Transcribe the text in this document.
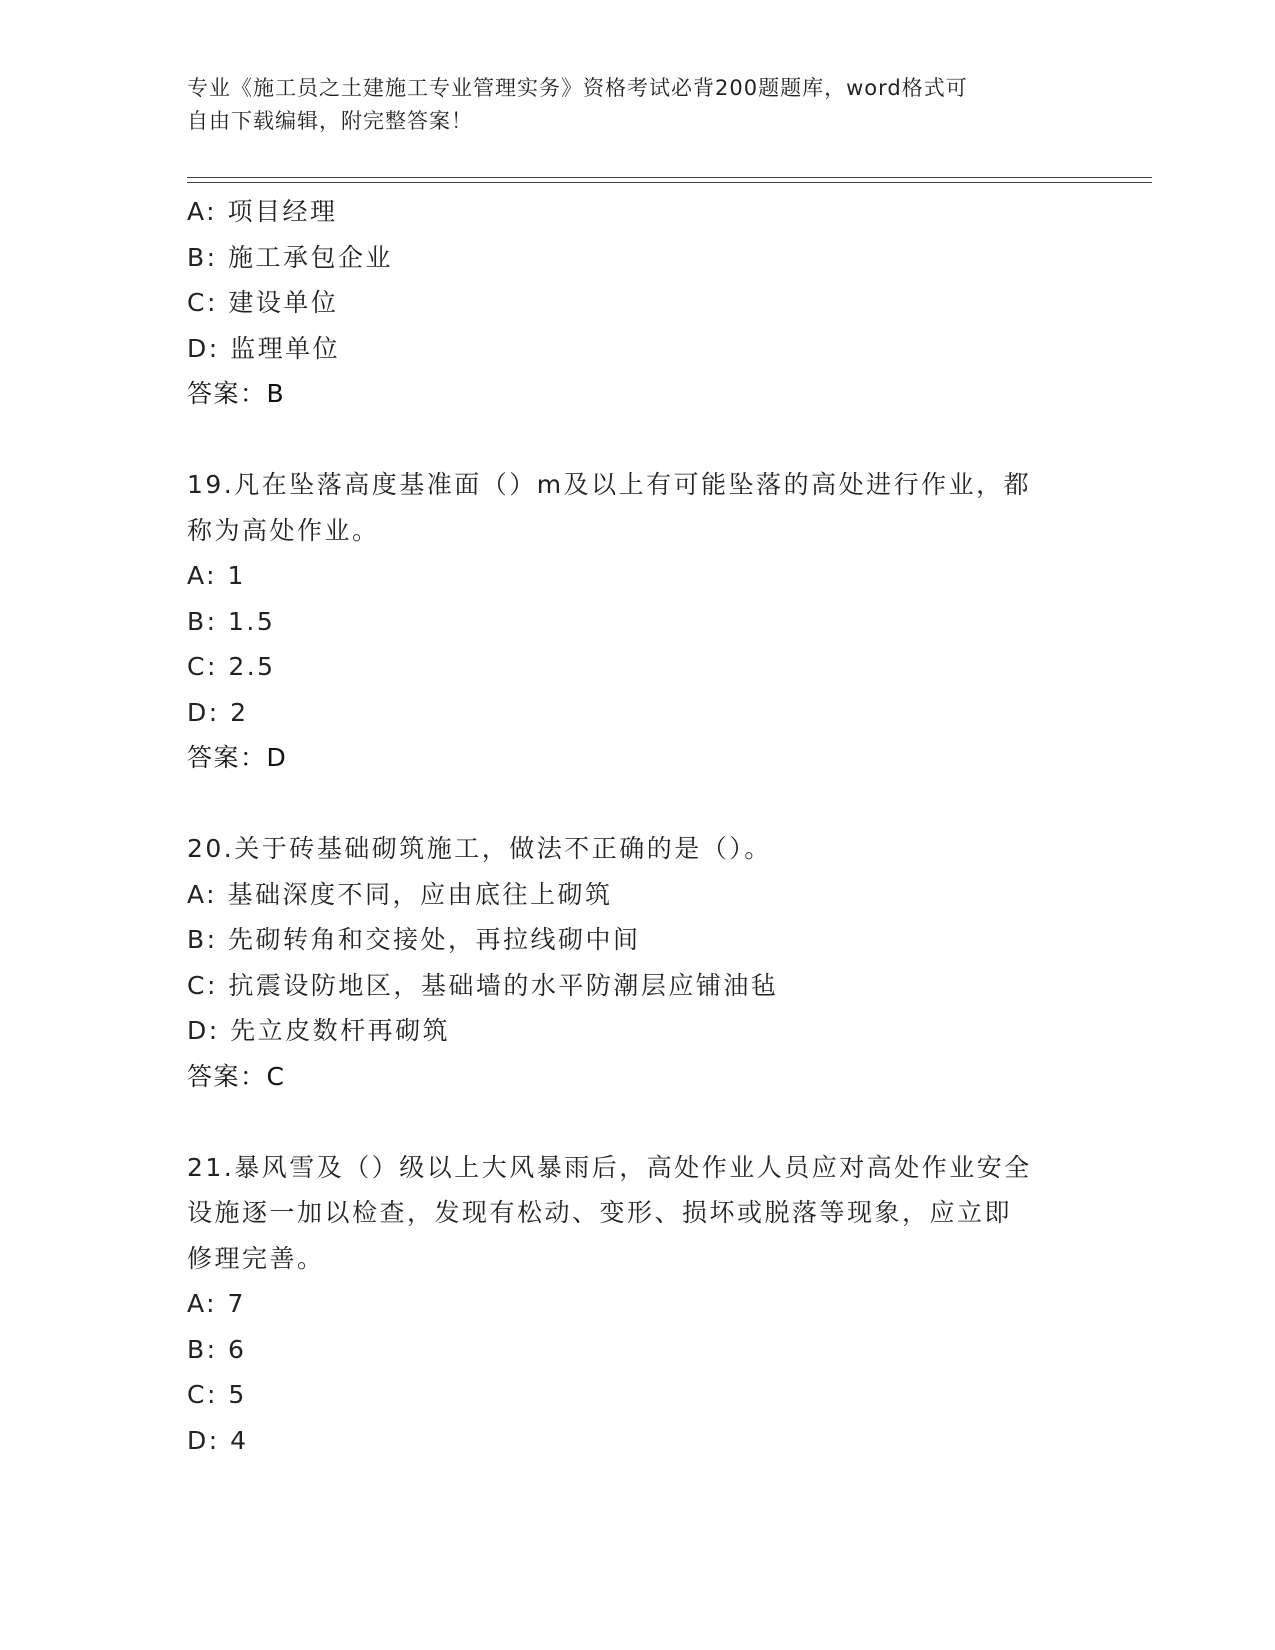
专业《施工员之土建施工专业管理实务》资格考试必背200题题库，word格式可
自由下载编辑，附完整答案！
A: 项目经理
B: 施工承包企业
C: 建设单位
D: 监理单位
答案：B
19.凡在坠落高度基准面（）m及以上有可能坠落的高处进行作业，都
称为高处作业。
A: 1
B: 1.5
C: 2.5
D: 2
答案：D
20.关于砖基础砌筑施工，做法不正确的是（）。
A: 基础深度不同，应由底往上砌筑
B: 先砌转角和交接处，再拉线砌中间
C: 抗震设防地区，基础墙的水平防潮层应铺油毡
D: 先立皮数杆再砌筑
答案：C
21.暴风雪及（）级以上大风暴雨后，高处作业人员应对高处作业安全
设施逐一加以检查，发现有松动、变形、损坏或脱落等现象，应立即
修理完善。
A: 7
B: 6
C: 5
D: 4
